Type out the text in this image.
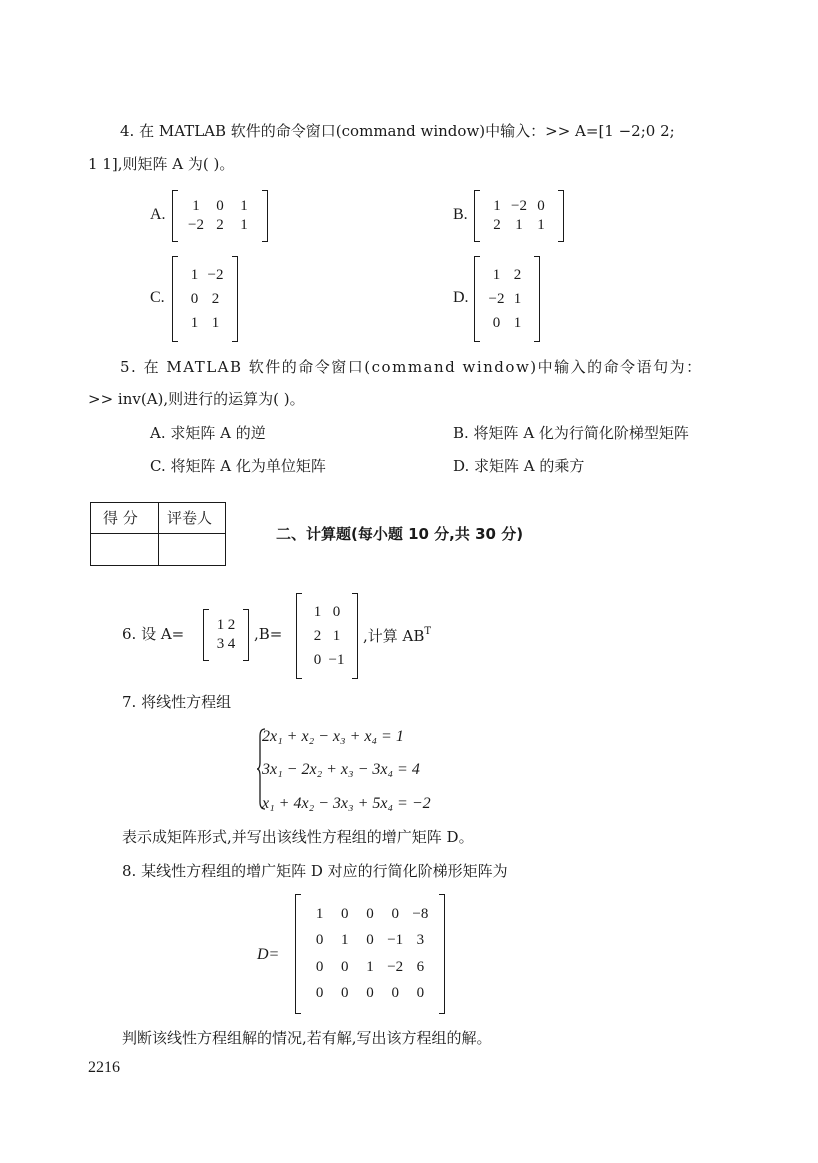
4. 在 MATLAB 软件的命令窗口(command window)中输入：>> A=[1 −2;0 2;
1 1],则矩阵 A 为( )。
A. 1 0 1
−2 2 1
B. 1 −2 0
2 1 1
C.
1 −2
0 2
1 1
D.
1 2
−2 1
0 1
5. 在 MATLAB 软件的命令窗口(command window)中输入的命令语句为：
>> inv(A),则进行的运算为( )。
A. 求矩阵 A 的逆	B. 将矩阵 A 化为行简化阶梯型矩阵
C. 将矩阵 A 化为单位矩阵	D. 求矩阵 A 的乘方
得 分 评卷人
二、计算题(每小题 10 分,共 30 分)
6. 设 A= 1 2
3 4
,B=
1 0
2 1
0 −1
,计算 $AB^T$
7. 将线性方程组
2x₁ + x₂ − x₃ + x₄ = 1
3x₁ − 2x₂ + x₃ − 3x₄ = 4
x₁ + 4x₂ − 3x₃ + 5x₄ = −2
表示成矩阵形式,并写出该线性方程组的增广矩阵 D。
8. 某线性方程组的增广矩阵 D 对应的行简化阶梯形矩阵为
D=
1 0 0 0 −8
0 1 0 −1 3
0 0 1 −2 6
0 0 0 0 0
判断该线性方程组解的情况,若有解,写出该方程组的解。
2216
